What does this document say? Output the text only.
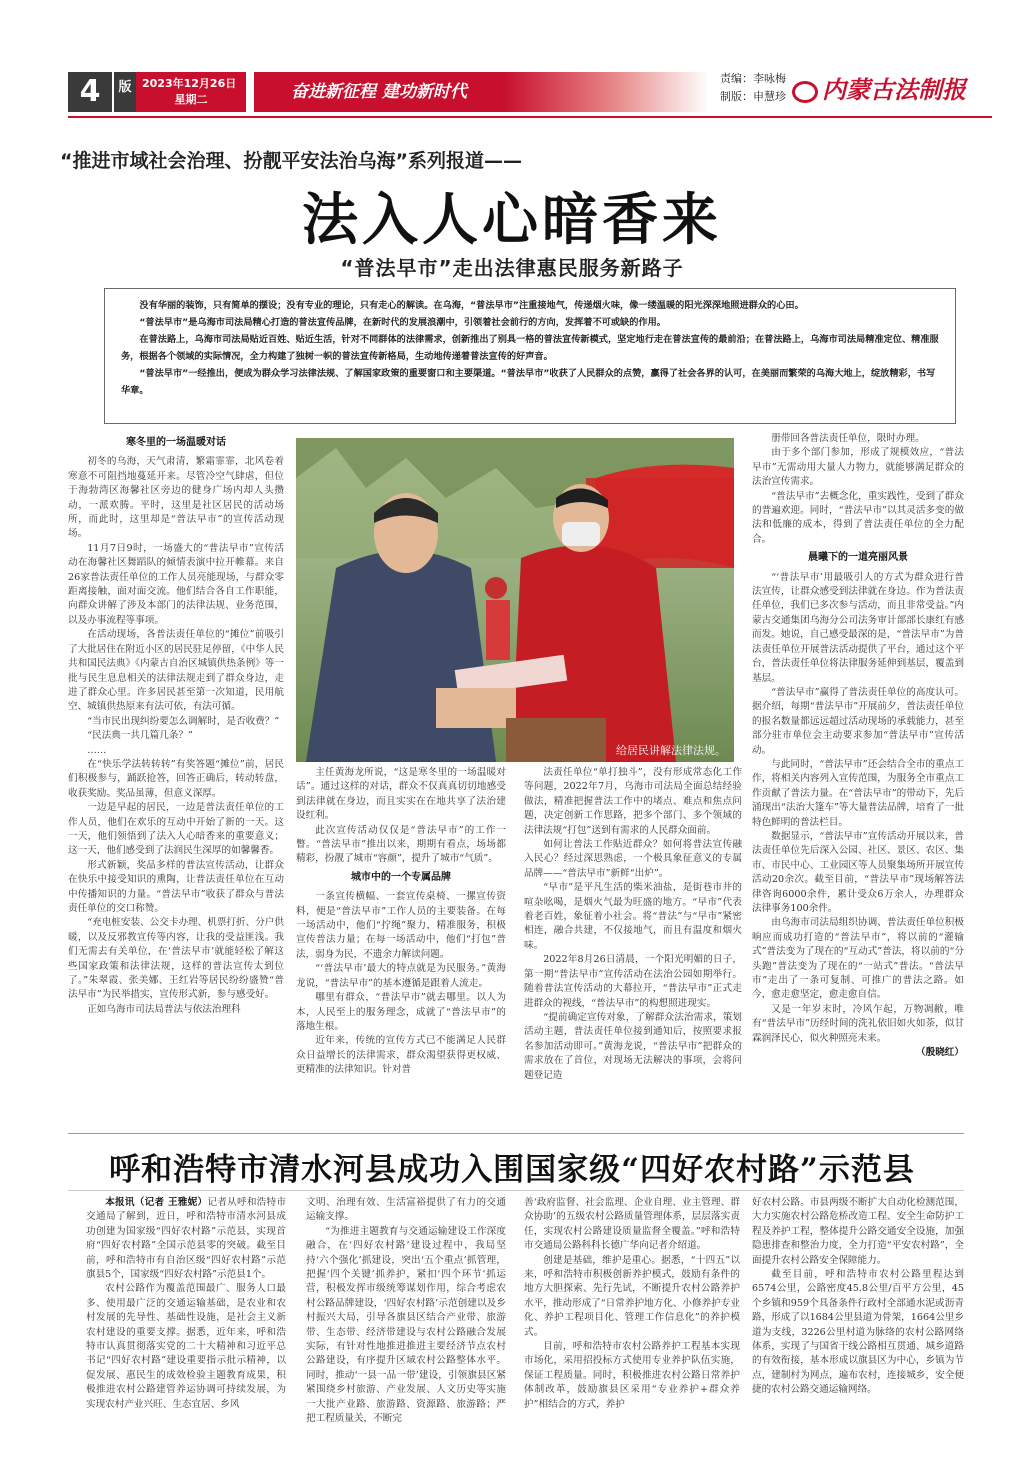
4	版 2023年12月26日
星期二	奋进新征程 建功新时代
责编：李咏梅
制版：申慧珍	内蒙古法制报
“推进市域社会治理、扮靓平安法治乌海”系列报道——
法入人心暗香来
“普法早市”走出法律惠民服务新路子

没有华丽的装饰，只有简单的摆设；没有专业的理论，只有走心的解读。在乌海，“普法早市”注重接地气，传递烟火味，像一缕温暖的阳光深深地照进群众的心田。

“普法早市”是乌海市司法局精心打造的普法宣传品牌，在新时代的发展浪潮中，引领着社会前行的方向，发挥着不可或缺的作用。

在普法路上，乌海市司法局贴近百姓、贴近生活，针对不同群体的法律需求，创新推出了别具一格的普法宣传新模式，坚定地行走在普法宣传的最前沿；在普法路上，乌海市司法局精准定位、精准服务，根据各个领域的实际情况，全力构建了独树一帜的普法宣传新格局，生动地传递着普法宣传的好声音。

“普法早市”一经推出，便成为群众学习法律法规、了解国家政策的重要窗口和主要渠道。“普法早市”收获了人民群众的点赞，赢得了社会各界的认可，在美丽而繁荣的乌海大地上，绽放精彩，书写华章。

寒冬里的一场温暖对话

初冬的乌海，天气肃清，繁霜霏霏，北风卷着寒意不可阻挡地蔓延开来。尽管冷空气肆虐，但位于海勃湾区海馨社区旁边的健身广场内却人头攒动，一派欢腾。平时，这里是社区居民的活动场所，而此时，这里却是“普法早市”的宣传活动现场。

11月7日9时，一场盛大的“普法早市”宣传活动在海馨社区舞蹈队的倾情表演中拉开帷幕。来自26家普法责任单位的工作人员亮能现场，与群众零距离接触，面对面交流。他们结合各自工作职能，向群众讲解了涉及本部门的法律法规、业务范围，以及办事流程等事项。

在活动现场，各普法责任单位的“摊位”前吸引了大批居住在附近小区的居民驻足停留，《中华人民共和国民法典》《内蒙古自治区城镇供热条例》等一批与民生息息相关的法律法规走到了群众身边，走进了群众心里。许多居民甚至第一次知道，民用航空、城镇供热原来有法可依，有法可循。

“当市民出现纠纷要怎么调解时，是否收费？”

“民法典一共几篇几条？”

……

在“快乐学法转转转”有奖答题“摊位”前，居民们积极参与，踊跃抢答，回答正确后，转动转盘，收获奖励。奖品虽薄，但意义深厚。

一边是早起的居民，一边是普法责任单位的工作人员，他们在欢乐的互动中开始了新的一天。这一天，他们领悟到了法入人心暗香来的重要意义；这一天，他们感受到了法润民生深厚的如馨馨香。

形式新颖，奖品多样的普法宣传活动，让群众在快乐中接受知识的熏陶，让普法责任单位在互动中传播知识的力量。“普法早市”收获了群众与普法责任单位的交口称赞。

“充电桩安装、公交卡办理、机票打折、分户供暖，以及反邪教宣传等内容，让我的受益匪浅。我们无需去有关单位，在‘普法早市’就能轻松了解这些国家政策和法律法规，这样的普法宣传太到位了。”朱翠霞、张美娜、王红岩等居民纷纷盛赞“普法早市”为民举措实，宣传形式新，参与感受好。

正如乌海市司法局普法与依法治理科

给居民讲解法律法规。

主任黄海龙所说，“这是寒冬里的一场温暖对话”。通过这样的对话，群众不仅真真切切地感受到法律就在身边，而且实实在在地共享了法治建设红利。

此次宣传活动仅仅是“普法早市”的工作一瞥。“普法早市”推出以来，期期有看点，场场都精彩，扮靓了城市“容颜”，提升了城市“气质”。

城市中的一个专属品牌

一条宣传横幅、一套宣传桌椅、一摞宣传资料，便是“普法早市”工作人员的主要装备。在每一场活动中，他们“拧绳”聚力，精准服务，积极宣传普法力量；在每一场活动中，他们“打包”普法，弱身为民，不遗余力解读问题。

“‘普法早市’最大的特点就是为民服务。”黄海龙说，“普法早市”的基本遵循是跟着人流走。

哪里有群众，“普法早市”就去哪里。以人为本，人民至上的服务理念，成就了“普法早市”的落地生根。

近年来，传统的宣传方式已不能满足人民群众日益增长的法律需求，群众渴望获得更权威、更精准的法律知识。针对普

法责任单位“单打独斗”，没有形成常态化工作等问题，2022年7月，乌海市司法局全面总结经验做法，精准把握普法工作中的堵点、难点和焦点问题，决定创新工作思路，把多个部门、多个领域的法律法规“打包”送到有需求的人民群众面前。

如何让普法工作贴近群众？如何将普法宣传融入民心？经过深思熟虑，一个极具象征意义的专属品牌——“普法早市”新鲜“出炉”。

“早市”是平凡生活的柴米油盐，是街巷市井的喧杂吆喝，是烟火气最为旺盛的地方。“早市”代表着老百姓，象征着小社会。将“普法”与“早市”紧密相连，融合共建，不仅接地气，而且有温度和烟火味。

2022年8月26日清晨，一个阳光明媚的日子，第一期“普法早市”宣传活动在法治公园如期举行。随着普法宣传活动的大幕拉开，“普法早市”正式走进群众的视线，“普法早市”的构想照进现实。

“提前确定宣传对象，了解群众法治需求，策划活动主题，普法责任单位接到通知后，按照要求报名参加活动即可。”黄海龙说，“普法早市”把群众的需求放在了首位，对现场无法解决的事项，会将问题登记造

册带回各普法责任单位，限时办理。

由于多个部门参加，形成了规模效应，“普法早市”无需动用大量人力物力，就能够满足群众的法治宣传需求。

“普法早市”去概念化，重实践性，受到了群众的普遍欢迎。同时，“普法早市”以其灵活多变的做法和低廉的成本，得到了普法责任单位的全力配合。

晨曦下的一道亮丽风景

“‘普法早市’用最吸引人的方式为群众进行普法宣传，让群众感受到法律就在身边。作为普法责任单位，我们已多次参与活动，而且非常受益。”内蒙古交通集团乌海分公司法务审计部部长康红有感而发。她说，自己感受最深的是，“普法早市”为普法责任单位开展普法活动提供了平台，通过这个平台，普法责任单位将法律服务延伸到基层，覆盖到基层。

“普法早市”赢得了普法责任单位的高度认可。据介绍，每期“普法早市”开展前夕，普法责任单位的报名数量都远远超过活动现场的承载能力，甚至部分驻市单位会主动要求参加“普法早市”宣传活动。

与此同时，“普法早市”还会结合全市的重点工作，将相关内容列入宣传范围，为服务全市重点工作贡献了普法力量。在“普法早市”的带动下，先后涌现出“法治大篷车”等大量普法品牌，培育了一批特色鲜明的普法栏目。

数据显示，“普法早市”宣传活动开展以来，普法责任单位先后深入公园、社区、景区、农区、集市、市民中心、工业园区等人员聚集场所开展宣传活动20余次。截至目前，“普法早市”现场解答法律咨询6000余件，累计受众6万余人，办理群众法律事务100余件。

由乌海市司法局组织协调、普法责任单位积极响应而成功打造的“普法早市”，将以前的“灌输式”普法变为了现在的“互动式”普法，将以前的“分头跑”普法变为了现在的“一站式”普法。“普法早市”走出了一条可复制、可推广的普法之路。如今，愈走愈坚定，愈走愈自信。

又是一年岁末时，冷风乍起，万物凋敝，唯有“普法早市”历经时间的洗礼依旧如火如荼，似甘霖润泽民心，似火种照亮未来。

（殷晓红）
呼和浩特市清水河县成功入围国家级“四好农村路”示范县

本报讯（记者 王雅妮）记者从呼和浩特市交通局了解到，近日，呼和浩特市清水河县成功创建为国家级“四好农村路”示范县，实现首府“四好农村路”全国示范县零的突破。截至目前，呼和浩特市有自治区级“四好农村路”示范旗县5个，国家级“四好农村路”示范县1个。

农村公路作为覆盖范围最广、服务人口最多、使用最广泛的交通运输基础，是农业和农村发展的先导性、基础性设施，是社会主义新农村建设的重要支撑。据悉，近年来，呼和浩特市认真贯彻落实党的二十大精神和习近平总书记“四好农村路”建设重要指示批示精神，以促发展、惠民生的成效检验主题教育成果，积极推进农村公路建管养运协调可持续发展，为实现农村产业兴旺、生态宜居、乡风

文明、治理有效、生活富裕提供了有力的交通运输支撑。

“为推进主题教育与交通运输建设工作深度融合，在‘四好农村路’建设过程中，我局坚持‘六个强化’抓建设，突出‘五个重点’抓管理，把握‘四个关键’抓养护，紧扣‘四个环节’抓运营，积极发挥市级统筹谋划作用，综合考虑农村公路品牌建设，‘四好农村路’示范创建以及乡村振兴大局，引导各旗县区结合产业带、旅游带、生态带、经济带建设与农村公路融合发展实际，有针对性地推进推进主要经济节点农村公路建设，有序提升区域农村公路整体水平。同时，推动‘一县一品一带’建设，引领旗县区紧紧围绕乡村旅游、产业发展、人文历史等实施一大批产业路、旅游路、资源路、旅游路；严把工程质量关，不断完

善‘政府监督、社会监理、企业自理、业主管理、群众协助’的五级农村公路质量管理体系，层层落实责任，实现农村公路建设质量监督全覆盖。”呼和浩特市交通局公路科科长德广华向记者介绍道。

创建是基础，维护是重心。据悉，“十四五”以来，呼和浩特市积极创新养护模式，鼓励有条件的地方大胆探索、先行先试，不断提升农村公路养护水平，推动形成了“日常养护地方化、小修养护专业化、养护工程项目化、管理工作信息化”的养护模式。

目前，呼和浩特市农村公路养护工程基本实现市场化，采用招投标方式使用专业养护队伍实施，保证工程质量。同时，积极推进农村公路日常养护体制改革，鼓励旗县区采用“专业养护+群众养护”相结合的方式，养护

好农村公路。市县两级不断扩大自动化检测范围，大力实施农村公路危桥改造工程、安全生命防护工程及养护工程，整体提升公路交通安全设施，加强隐患排查和整治力度，全力打造“平安农村路”，全面提升农村公路安全保障能力。

截至目前，呼和浩特市农村公路里程达到6574公里，公路密度45.8公里/百平方公里，45个乡镇和959个具备条件行政村全部通水泥或沥青路，形成了以1684公里县道为骨架，1664公里乡道为支线，3226公里村道为脉络的农村公路网络体系，实现了与国省干线公路相互贯通、城乡道路的有效衔接，基本形成以旗县区为中心，乡镇为节点，建制村为网点，遍布农村，连接城乡，安全便捷的农村公路交通运输网络。
